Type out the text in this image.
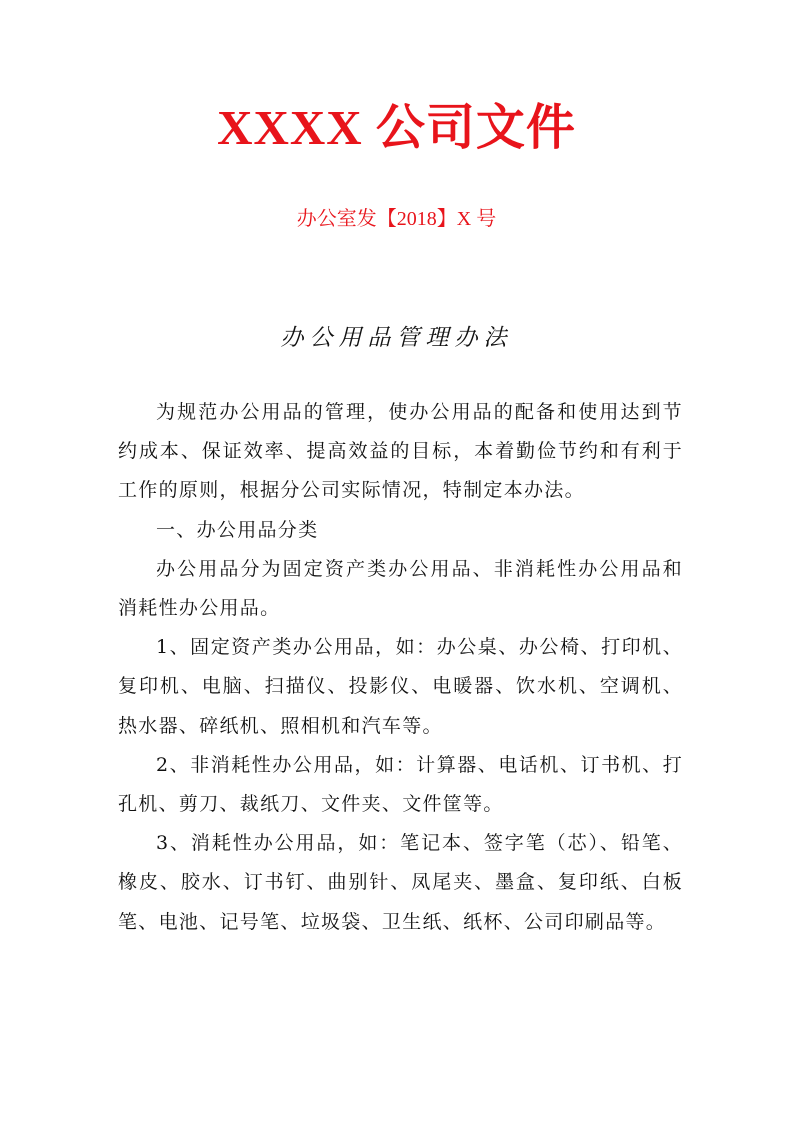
XXXX 公司文件
办公室发【2018】X 号
办公用品管理办法

为规范办公用品的管理，使办公用品的配备和使用达到节约成本、保证效率、提高效益的目标，本着勤俭节约和有利于工作的原则，根据分公司实际情况，特制定本办法。

一、办公用品分类

办公用品分为固定资产类办公用品、非消耗性办公用品和消耗性办公用品。

1、固定资产类办公用品，如：办公桌、办公椅、打印机、复印机、电脑、扫描仪、投影仪、电暖器、饮水机、空调机、热水器、碎纸机、照相机和汽车等。

2、非消耗性办公用品，如：计算器、电话机、订书机、打孔机、剪刀、裁纸刀、文件夹、文件筐等。

3、消耗性办公用品，如：笔记本、签字笔（芯）、铅笔、橡皮、胶水、订书钉、曲别针、凤尾夹、墨盒、复印纸、白板笔、电池、记号笔、垃圾袋、卫生纸、纸杯、公司印刷品等。
